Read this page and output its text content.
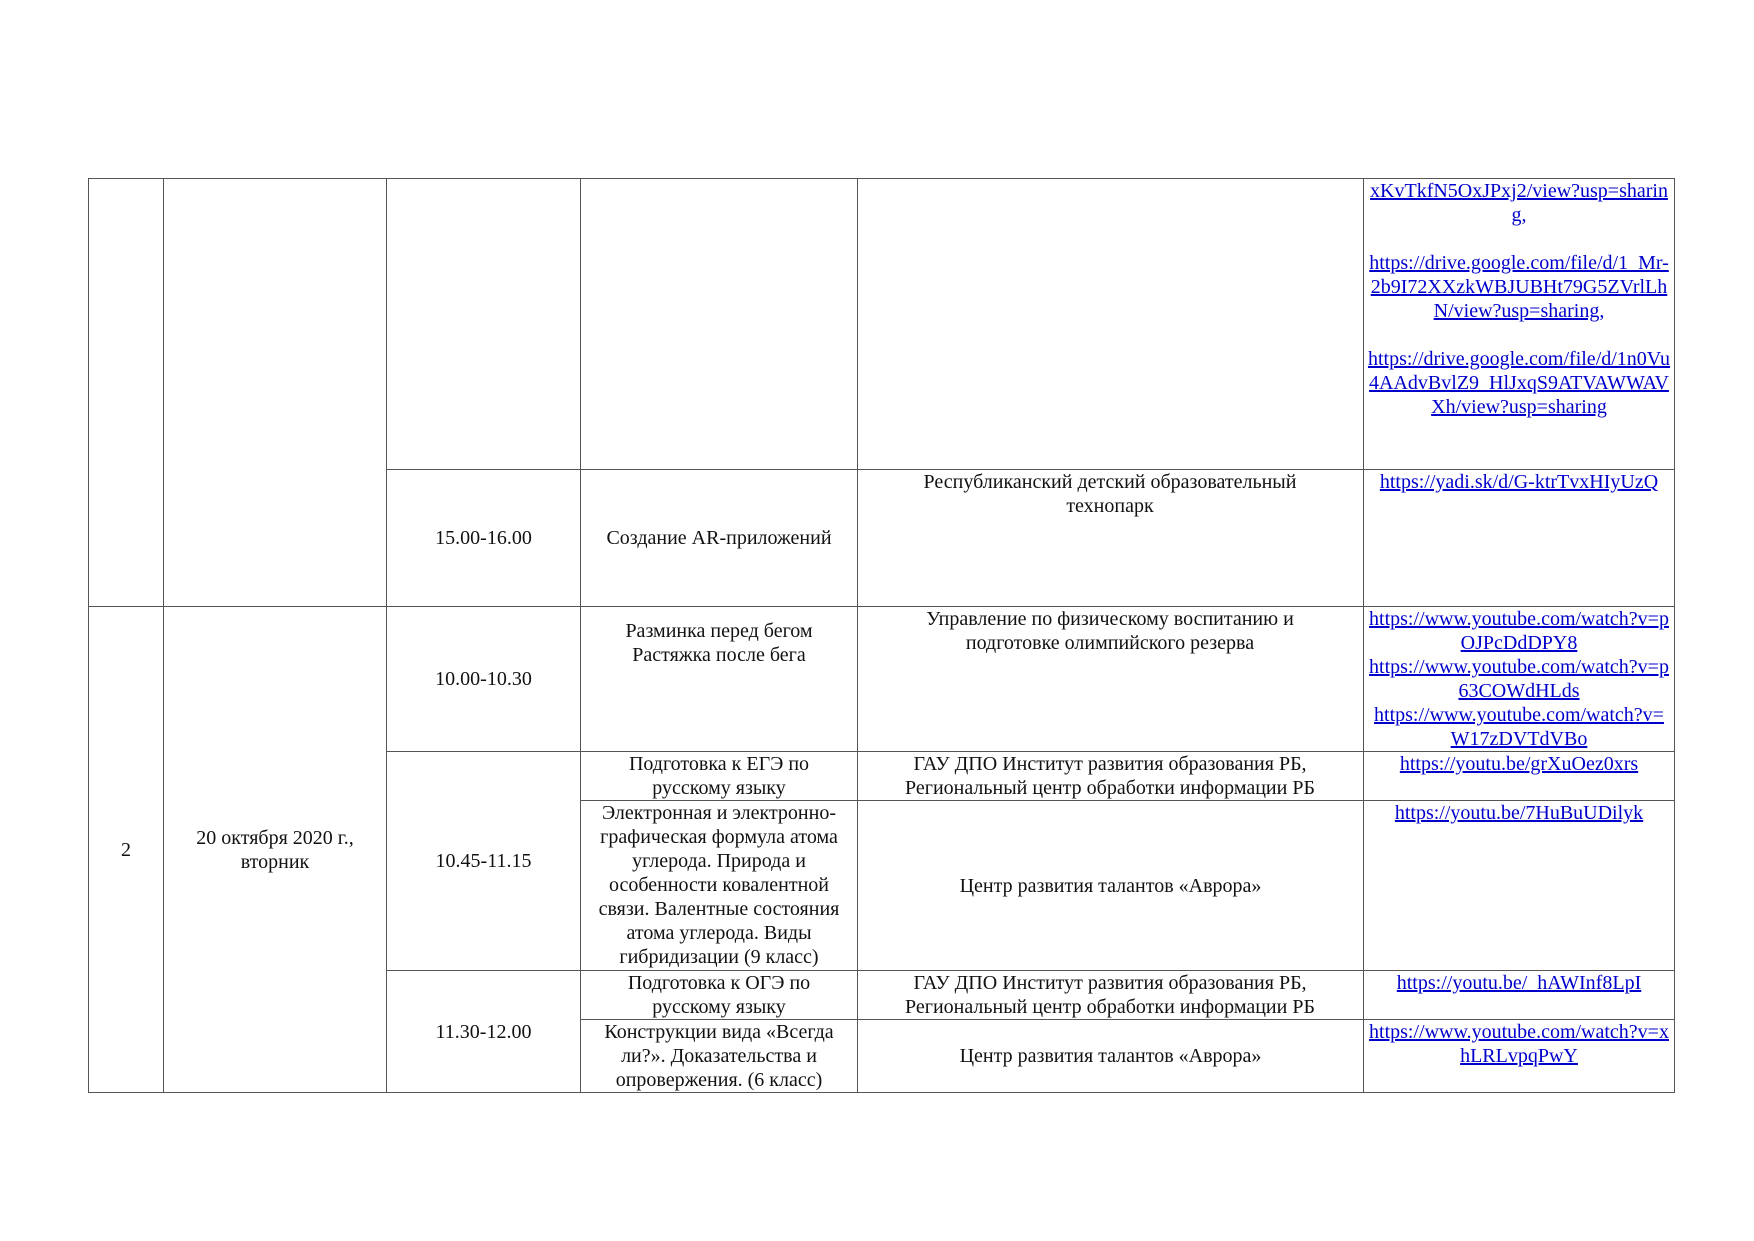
xKvTkfN5OxJPxj2/view?usp=sharing,
https://drive.google.com/file/d/1_Mr-2b9I72XXzkWBJUBHt79G5ZVrlLhN/view?usp=sharing,
https://drive.google.com/file/d/1n0Vu4AAdvBvlZ9_HlJxqS9ATVAWWAVXh/view?usp=sharing
15.00-16.00	Создание AR-приложений
Республиканский детский образовательный технопарк
https://yadi.sk/d/G-ktrTvxHIyUzQ
2
20 октября 2020 г., вторник
10.00-10.30
Разминка перед бегом
Растяжка после бега
Управление по физическому воспитанию и подготовке олимпийского резерва
https://www.youtube.com/watch?v=pOJPcDdDPY8
https://www.youtube.com/watch?v=p63COWdHLds
https://www.youtube.com/watch?v=W17zDVTdVBo
10.45-11.15
Подготовка к ЕГЭ по русскому языку
ГАУ ДПО Институт развития образования РБ, Региональный центр обработки информации РБ
https://youtu.be/grXuOez0xrs
Электронная и электронно-графическая формула атома углерода. Природа и особенности ковалентной связи. Валентные состояния атома углерода. Виды гибридизации (9 класс)
Центр развития талантов «Аврора»
https://youtu.be/7HuBuUDilyk
11.30-12.00
Подготовка к ОГЭ по русскому языку
ГАУ ДПО Институт развития образования РБ, Региональный центр обработки информации РБ
https://youtu.be/_hAWInf8LpI
Конструкции вида «Всегда ли?». Доказательства и опровержения. (6 класс)
Центр развития талантов «Аврора»
https://www.youtube.com/watch?v=xhLRLvpqPwY
